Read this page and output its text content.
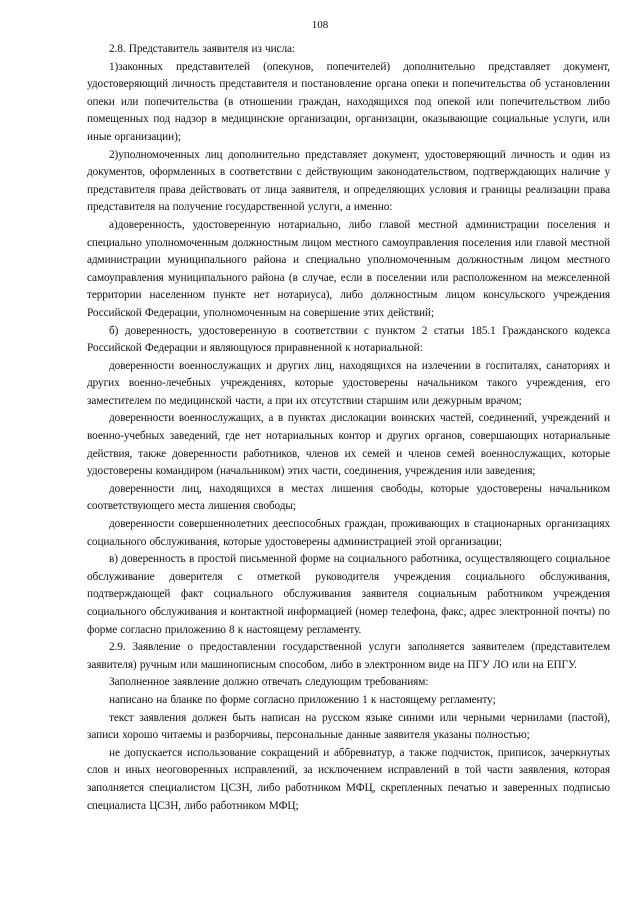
108

2.8. Представитель заявителя из числа:

1)законных представителей (опекунов, попечителей) дополнительно представляет документ, удостоверяющий личность представителя и постановление органа опеки и попечительства об установлении опеки или попечительства (в отношении граждан, находящихся под опекой или попечительством либо помещенных под надзор в медицинские организации, организации, оказывающие социальные услуги, или иные организации);

2)уполномоченных лиц дополнительно представляет документ, удостоверяющий личность и один из документов, оформленных в соответствии с действующим законодательством, подтверждающих наличие у представителя права действовать от лица заявителя, и определяющих условия и границы реализации права представителя на получение государственной услуги, а именно:

а)доверенность, удостоверенную нотариально, либо главой местной администрации поселения и специально уполномоченным должностным лицом местного самоуправления поселения или главой местной администрации муниципального района и специально уполномоченным должностным лицом местного самоуправления муниципального района (в случае, если в поселении или расположенном на межселенной территории населенном пункте нет нотариуса), либо должностным лицом консульского учреждения Российской Федерации, уполномоченным на совершение этих действий;

б) доверенность, удостоверенную в соответствии с пунктом 2 статьи 185.1 Гражданского кодекса Российской Федерации и являющуюся приравненной к нотариальной:

доверенности военнослужащих и других лиц, находящихся на излечении в госпиталях, санаториях и других военно-лечебных учреждениях, которые удостоверены начальником такого учреждения, его заместителем по медицинской части, а при их отсутствии старшим или дежурным врачом;

доверенности военнослужащих, а в пунктах дислокации воинских частей, соединений, учреждений и военно-учебных заведений, где нет нотариальных контор и других органов, совершающих нотариальные действия, также доверенности работников, членов их семей и членов семей военнослужащих, которые удостоверены командиром (начальником) этих части, соединения, учреждения или заведения;

доверенности лиц, находящихся в местах лишения свободы, которые удостоверены начальником соответствующего места лишения свободы;

доверенности совершеннолетних дееспособных граждан, проживающих в стационарных организациях социального обслуживания, которые удостоверены администрацией этой организации;

в) доверенность в простой письменной форме на социального работника, осуществляющего социальное обслуживание доверителя с отметкой руководителя учреждения социального обслуживания, подтверждающей факт социального обслуживания заявителя социальным работником учреждения социального обслуживания и контактной информацией (номер телефона, факс, адрес электронной почты) по форме согласно приложению 8 к настоящему регламенту.

2.9. Заявление о предоставлении государственной услуги заполняется заявителем (представителем заявителя) ручным или машинописным способом, либо в электронном виде на ПГУ ЛО или на ЕПГУ.

Заполненное заявление должно отвечать следующим требованиям:

написано на бланке по форме согласно приложению 1 к настоящему регламенту;

текст заявления должен быть написан на русском языке синими или черными чернилами (пастой), записи хорошо читаемы и разборчивы, персональные данные заявителя указаны полностью;

не допускается использование сокращений и аббревиатур, а также подчисток, приписок, зачеркнутых слов и иных неоговоренных исправлений, за исключением исправлений в той части заявления, которая заполняется специалистом ЦСЗН, либо работником МФЦ, скрепленных печатью и заверенных подписью специалиста ЦСЗН, либо работником МФЦ;
